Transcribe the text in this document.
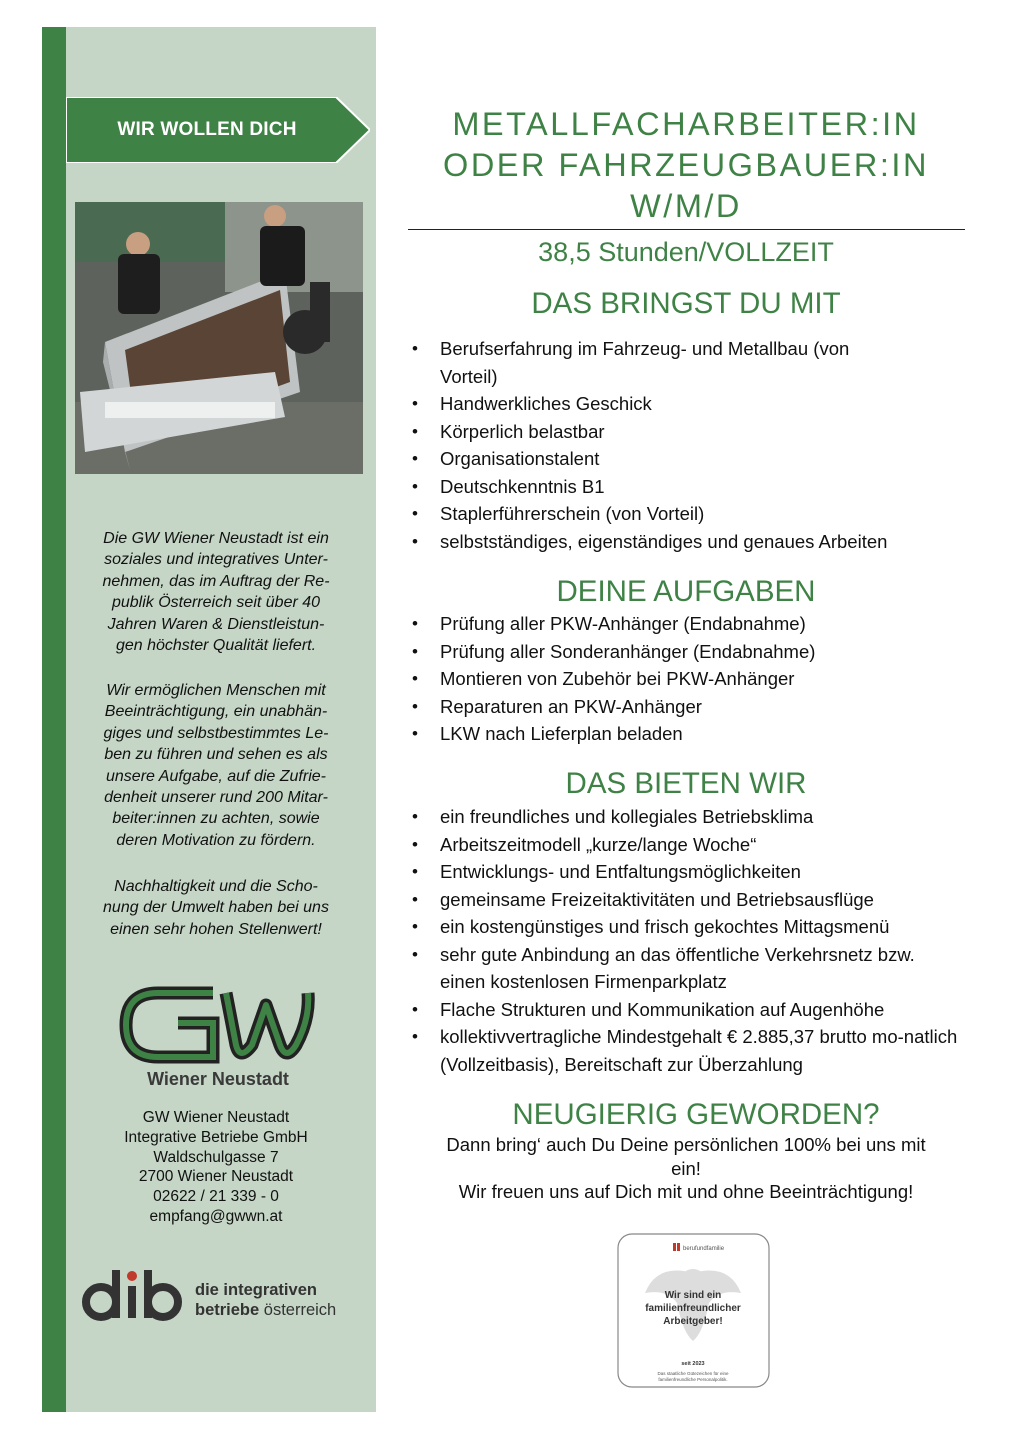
WIR WOLLEN DICH
Die GW Wiener Neustadt ist ein
soziales und integratives Unter-
nehmen, das im Auftrag der Re-
publik Österreich seit über 40
Jahren Waren & Dienstleistun-
gen höchster Qualität liefert.
Wir ermöglichen Menschen mit
Beeinträchtigung, ein unabhän-
giges und selbstbestimmtes Le-
ben zu führen und sehen es als
unsere Aufgabe, auf die Zufrie-
denheit unserer rund 200 Mitar-
beiter:innen zu achten, sowie
deren Motivation zu fördern.
Nachhaltigkeit und die Scho-
nung der Umwelt haben bei uns
einen sehr hohen Stellenwert!
Wiener Neustadt
GW Wiener Neustadt
Integrative Betriebe GmbH
Waldschulgasse 7
2700 Wiener Neustadt
02622 / 21 339 - 0
empfang@gwwn.at
die integrativen
betriebe österreich
METALLFACHARBEITER:IN
ODER FAHRZEUGBAUER:IN
W/M/D
38,5 Stunden/VOLLZEIT
DAS BRINGST DU MIT
• Berufserfahrung im Fahrzeug- und Metallbau (von Vorteil)
• Handwerkliches Geschick
• Körperlich belastbar
• Organisationstalent
• Deutschkenntnis B1
• Staplerführerschein (von Vorteil)
• selbstständiges, eigenständiges und genaues Arbeiten
DEINE AUFGABEN
• Prüfung aller PKW-Anhänger (Endabnahme)
• Prüfung aller Sonderanhänger (Endabnahme)
• Montieren von Zubehör bei PKW-Anhänger
• Reparaturen an PKW-Anhänger
• LKW nach Lieferplan beladen
DAS BIETEN WIR
• ein freundliches und kollegiales Betriebsklima
• Arbeitszeitmodell „kurze/lange Woche“
• Entwicklungs- und Entfaltungsmöglichkeiten
• gemeinsame Freizeitaktivitäten und Betriebsausflüge
• ein kostengünstiges und frisch gekochtes Mittagsmenü
• sehr gute Anbindung an das öffentliche Verkehrsnetz bzw. einen kostenlosen Firmenparkplatz
• Flache Strukturen und Kommunikation auf Augenhöhe
• kollektivvertragliche Mindestgehalt € 2.885,37 brutto mo-natlich (Vollzeitbasis), Bereitschaft zur Überzahlung
NEUGIERIG GEWORDEN?
Dann bring‘ auch Du Deine persönlichen 100% bei uns mit
ein!
Wir freuen uns auf Dich mit und ohne Beeinträchtigung!
berufundfamilie
Wir sind ein
familienfreundlicher
Arbeitgeber!
seit 2023
Das staatliche Gütezeichen für eine
familienfreundliche Personalpolitik.
